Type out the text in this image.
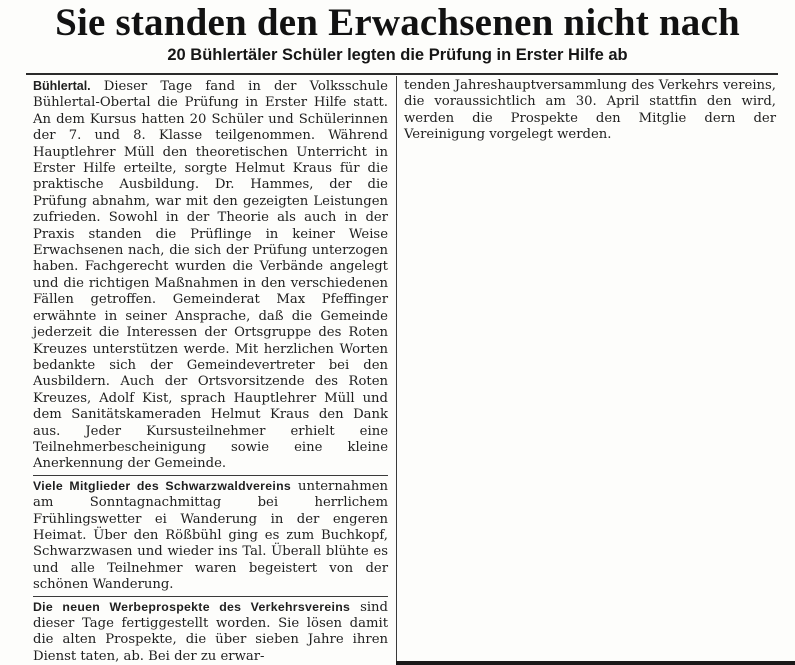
Sie standen den Erwachsenen nicht nach
20 Bühlertäler Schüler legten die Prüfung in Erster Hilfe ab

Bühlertal. Dieser Tage fand in der Volksschule Bühlertal-Obertal die Prüfung in Erster Hilfe statt. An dem Kursus hatten 20 Schüler und Schülerinnen der 7. und 8. Klasse teilgenommen. Während Hauptlehrer Müll den theoretischen Unterricht in Erster Hilfe erteilte, sorgte Helmut Kraus für die praktische Ausbildung. Dr. Hammes, der die Prüfung abnahm, war mit den gezeigten Leistungen zufrieden. Sowohl in der Theorie als auch in der Praxis standen die Prüflinge in keiner Weise Erwachsenen nach, die sich der Prüfung unterzogen haben. Fachgerecht wurden die Verbände angelegt und die richtigen Maßnahmen in den verschiedenen Fällen getroffen. Gemeinderat Max Pfeffinger erwähnte in seiner Ansprache, daß die Gemeinde jederzeit die Interessen der Ortsgruppe des Roten Kreuzes unterstützen werde. Mit herzlichen Worten bedankte sich der Gemeindevertreter bei den Ausbildern. Auch der Ortsvorsitzende des Roten Kreuzes, Adolf Kist, sprach Hauptlehrer Müll und dem Sanitätskameraden Helmut Kraus den Dank aus. Jeder Kursusteilnehmer erhielt eine Teilnehmerbescheinigung sowie eine kleine Anerkennung der Gemeinde.

Viele Mitglieder des Schwarzwaldvereins unternahmen am Sonntagnachmittag bei herrlichem Frühlingswetter ei Wanderung in der engeren Heimat. Über den Rößbühl ging es zum Buchkopf, Schwarzwasen und wieder ins Tal. Überall blühte es und alle Teilnehmer waren begeistert von der schönen Wanderung.

Die neuen Werbeprospekte des Verkehrsvereins sind dieser Tage fertiggestellt worden. Sie lösen damit die alten Prospekte, die über sieben Jahre ihren Dienst taten, ab. Bei der zu erwar-

tenden Jahreshauptversammlung des Verkehrs vereins, die voraussichtlich am 30. April stattfin den wird, werden die Prospekte den Mitglie dern der Vereinigung vorgelegt werden.
